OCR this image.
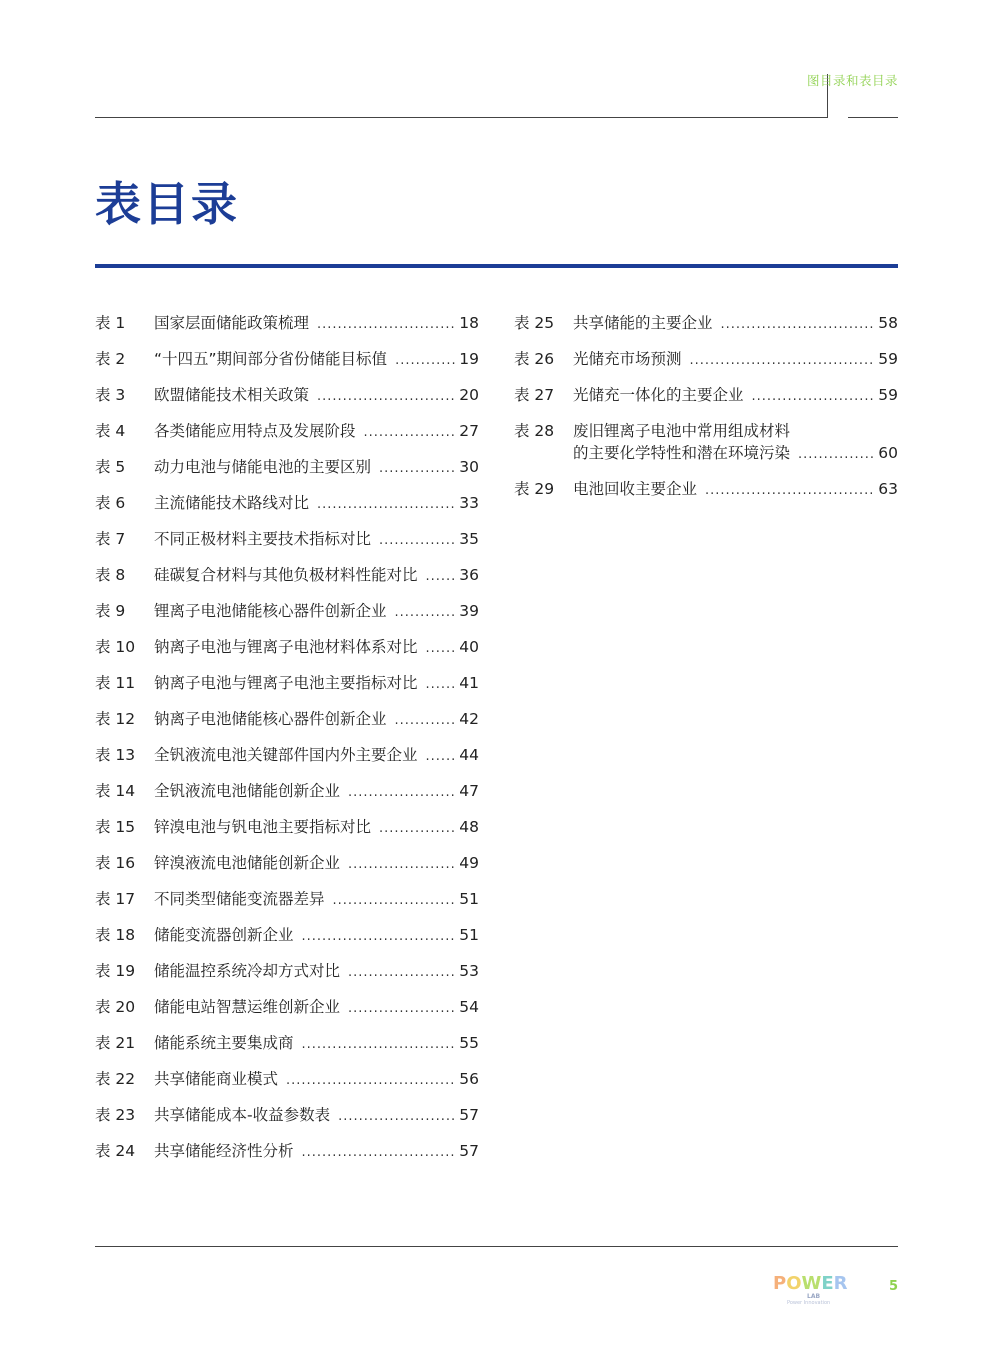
图目录和表目录
表目录
表 1	国家层面储能政策梳理 .....	18
表 2	“十四五”期间部分省份储能目标值 .....	19
表 3	欧盟储能技术相关政策 .....	20
表 4	各类储能应用特点及发展阶段 .....	27
表 5	动力电池与储能电池的主要区别 .....	30
表 6	主流储能技术路线对比 .....	33
表 7	不同正极材料主要技术指标对比 .....	35
表 8	硅碳复合材料与其他负极材料性能对比 .....	36
表 9	锂离子电池储能核心器件创新企业 .....	39
表 10	钠离子电池与锂离子电池材料体系对比 .....	40
表 11	钠离子电池与锂离子电池主要指标对比 .....	41
表 12	钠离子电池储能核心器件创新企业 .....	42
表 13	全钒液流电池关键部件国内外主要企业 .....	44
表 14	全钒液流电池储能创新企业 .....	47
表 15	锌溴电池与钒电池主要指标对比 .....	48
表 16	锌溴液流电池储能创新企业 .....	49
表 17	不同类型储能变流器差异 .....	51
表 18	储能变流器创新企业 .....	51
表 19	储能温控系统冷却方式对比 .....	53
表 20	储能电站智慧运维创新企业 .....	54
表 21	储能系统主要集成商 .....	55
表 22	共享储能商业模式 .....	56
表 23	共享储能成本-收益参数表 .....	57
表 24	共享储能经济性分析 .....	57
表 25	共享储能的主要企业 .....	58
表 26	光储充市场预测 .....	59
表 27	光储充一体化的主要企业 .....	59
表 28	废旧锂离子电池中常用组成材料
的主要化学特性和潜在环境污染 .....	60
表 29	电池回收主要企业 .....	63
POWER
LAB
Power Innovation
5
